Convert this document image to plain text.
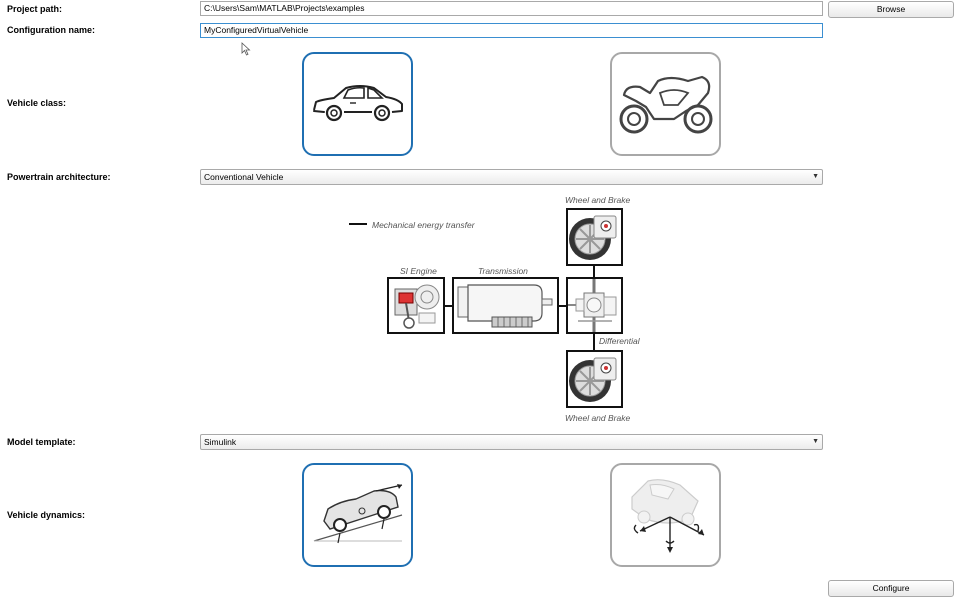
Project path:	C:\Users\Sam\MATLAB\Projects\examples	Browse
Configuration name:	MyConfiguredVirtualVehicle
Vehicle class:
Powertrain architecture:	Conventional Vehicle	▼
Mechanical energy transfer
SI Engine	Transmission
Wheel and Brake
Differential
Wheel and Brake
Model template:	Simulink	▼
Vehicle dynamics:
Configure
